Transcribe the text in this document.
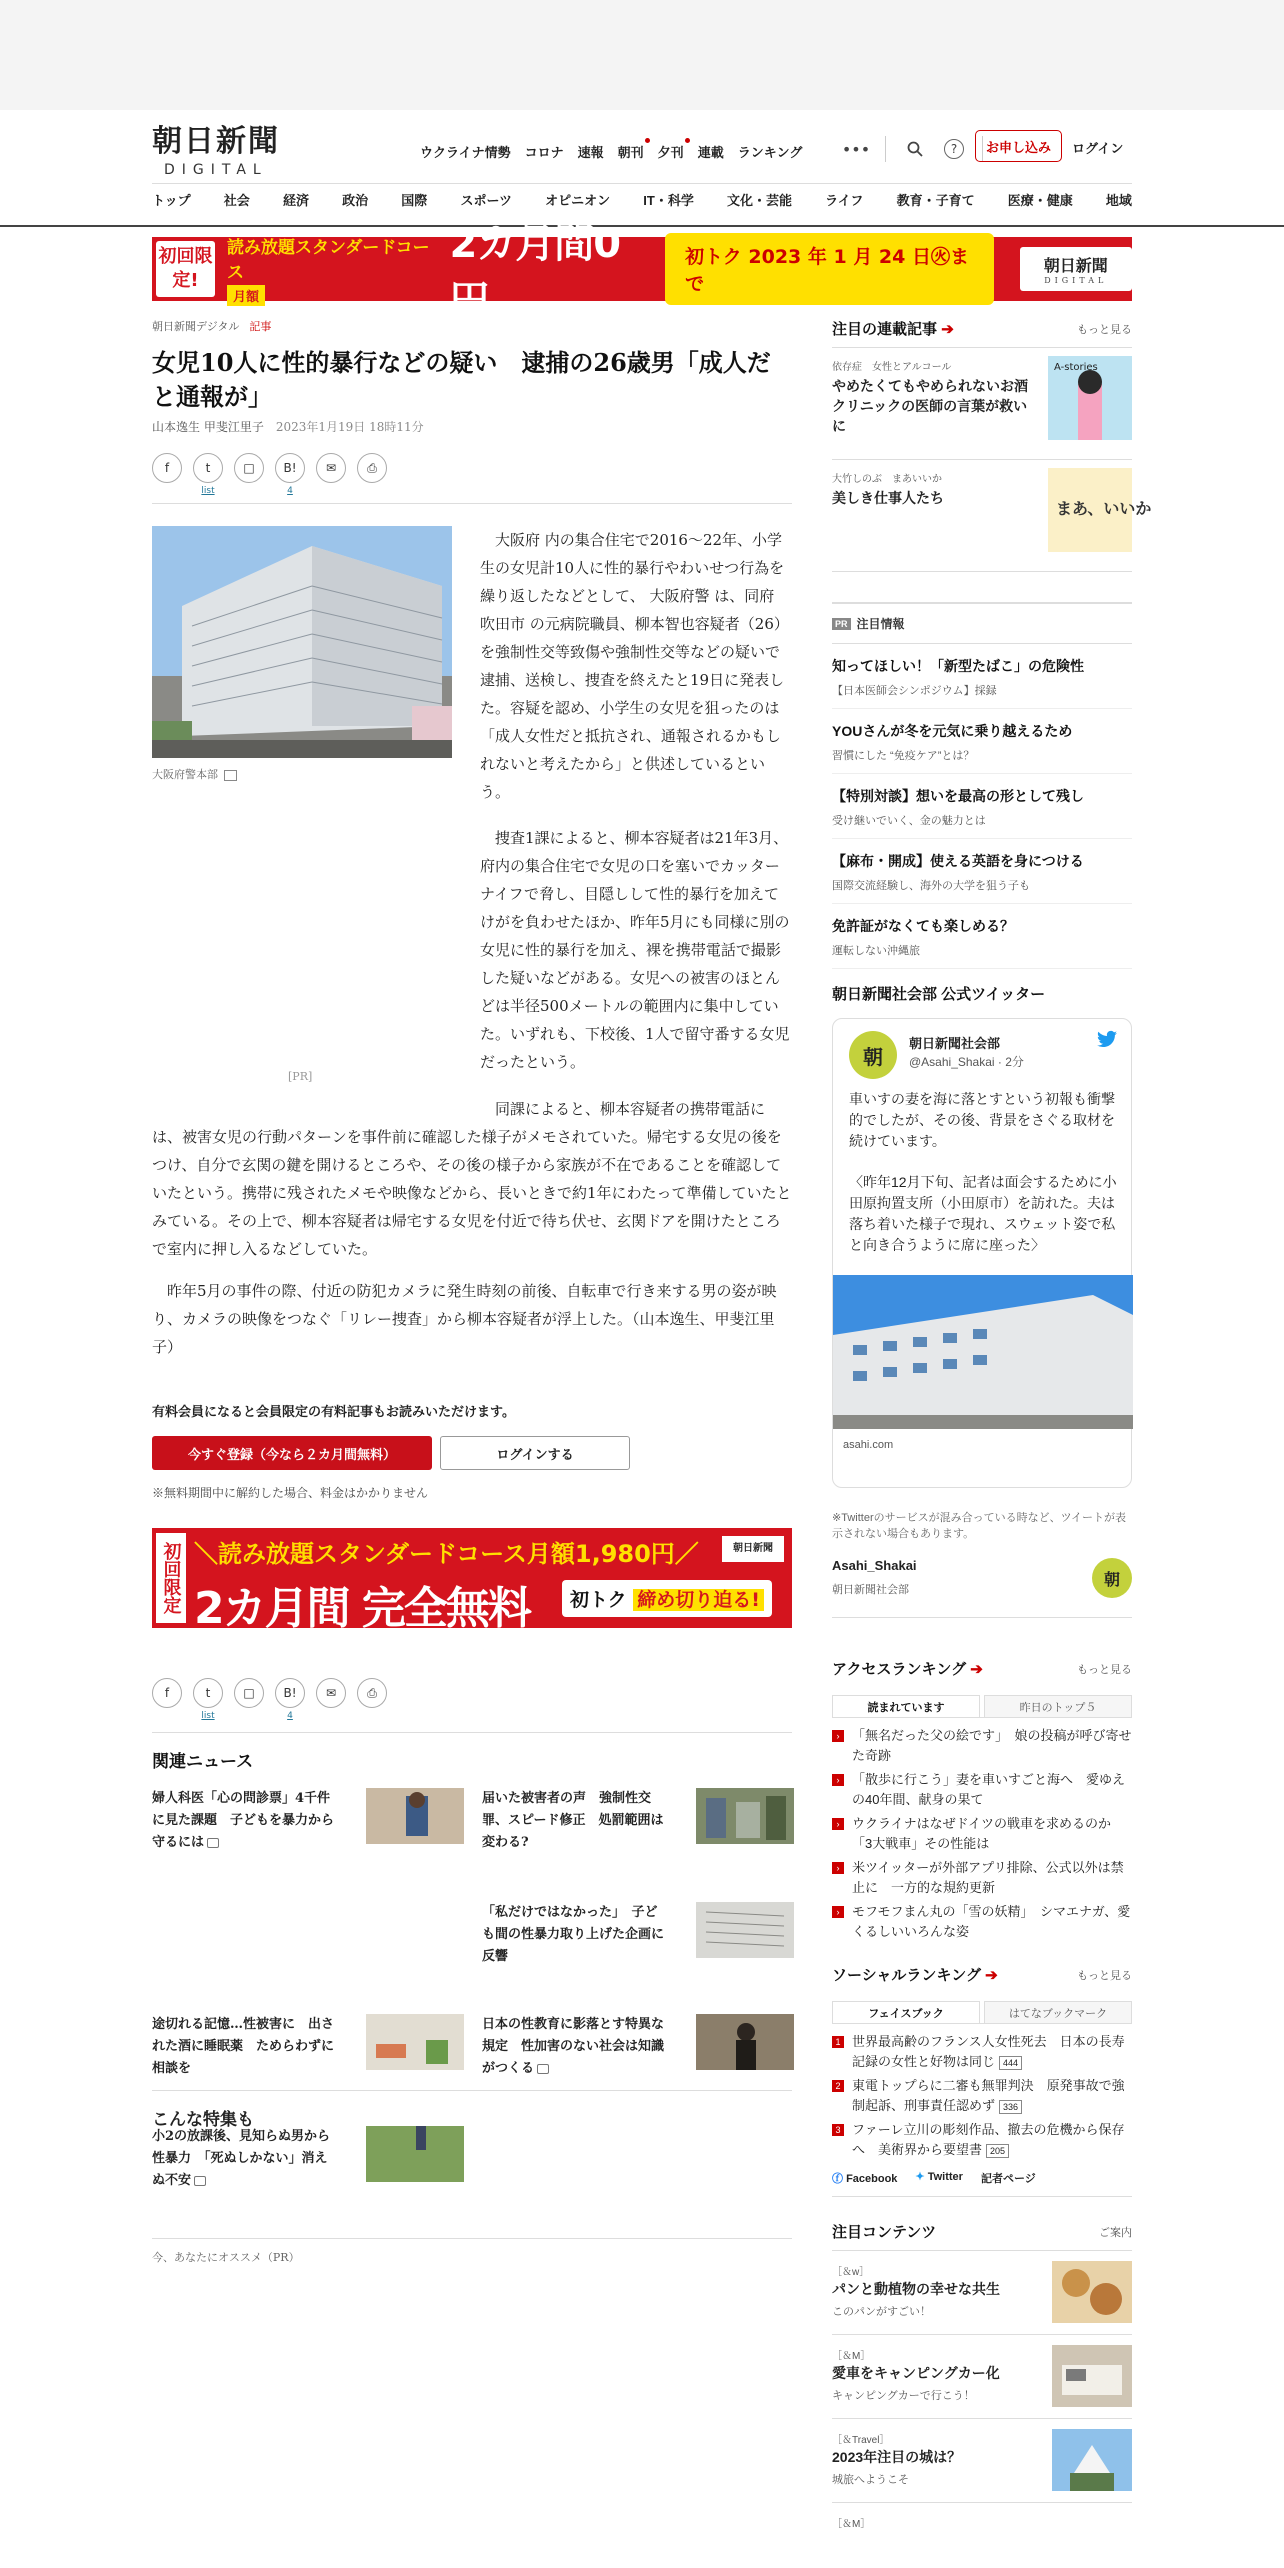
朝日新聞
DIGITAL
ウクライナ情勢 コロナ 速報 朝刊 夕刊 連載 ランキング •••	?	お申し込み	ログイン
トップ	社会	経済	政治	国際	スポーツ	オピニオン	IT・科学	文化・芸能	ライフ	教育・子育て	医療・健康	地域
初回限定!
読み放題スタンダードコース
月額
1,980円
2カ月間0円
初トク 2023 年 1 月 24 日㊋まで
朝日新聞
DIGITAL
朝日新聞デジタル 記事
女児10人に性的暴行などの疑い　逮捕の26歳男「成人だと通報が」
山本逸生 甲斐江里子 2023年1月19日 18時11分
f	t
list
□ B!
4
✉	⎙
大阪府警本部
[PR]

大阪府 内の集合住宅で2016～22年、小学生の女児計10人に性的暴行やわいせつ行為を繰り返したなどとして、 大阪府警 は、同府 吹田市 の元病院職員、柳本智也容疑者（26）を強制性交等致傷や強制性交等などの疑いで逮捕、送検し、捜査を終えたと19日に発表した。容疑を認め、小学生の女児を狙ったのは「成人女性だと抵抗され、通報されるかもしれないと考えたから」と供述しているという。

捜査1課によると、柳本容疑者は21年3月、府内の集合住宅で女児の口を塞いでカッターナイフで脅し、目隠しして性的暴行を加えてけがを負わせたほか、昨年5月にも同様に別の女児に性的暴行を加え、裸を携帯電話で撮影した疑いなどがある。女児への被害のほとんどは半径500メートルの範囲内に集中していた。いずれも、下校後、1人で留守番する女児だったという。

同課によると、柳本容疑者の携帯電話には、被害女児の行動パターンを事件前に確認した様子がメモされていた。帰宅する女児の後をつけ、自分で玄関の鍵を開けるところや、その後の様子から家族が不在であることを確認していたという。携帯に残されたメモや映像などから、長いときで約1年にわたって準備していたとみている。その上で、柳本容疑者は帰宅する女児を付近で待ち伏せ、玄関ドアを開けたところで室内に押し入るなどしていた。

昨年5月の事件の際、付近の防犯カメラに発生時刻の前後、自転車で行き来する男の姿が映り、カメラの映像をつなぐ「リレー捜査」から柳本容疑者が浮上した。（山本逸生、甲斐江里子）

有料会員になると会員限定の有料記事もお読みいただけます。
今すぐ登録（今なら２カ月間無料）	ログインする
※無料期間中に解約した場合、料金はかかりません
初回限定 ＼読み放題スタンダードコース月額1,980円／
2カ月間 完全無料	初トク 締め切り迫る!
朝日新聞
f	t
list
□ B!
4
✉	⎙
関連ニュース
婦人科医「心の問診票」4千件に見た課題　子どもを暴力から守るには
届いた被害者の声　強制性交罪、スピード修正　処罰範囲は変わる?
「私だけではなかった」　子ども間の性暴力取り上げた企画に反響
途切れる記憶…性被害に　出された酒に睡眠薬　ためらわずに相談を
日本の性教育に影落とす特異な規定　性加害のない社会は知識がつくる
小2の放課後、見知らぬ男から性暴力　「死ぬしかない」消えぬ不安
こんな特集も
今、あなたにオススメ（PR）
注目の連載記事 ➔	もっと見る
依存症　女性とアルコール
やめたくてもやめられないお酒　クリニックの医師の言葉が救いに
A-stories
大竹しのぶ　まあいいか
美しき仕事人たち
まあ、いいか
PR 注目情報
知ってほしい！「新型たばこ」の危険性
【日本医師会シンポジウム】採録
YOUさんが冬を元気に乗り越えるため
習慣にした “免疫ケア”とは？
【特別対談】想いを最高の形として残し
受け継いでいく、金の魅力とは
【麻布・開成】使える英語を身につける
国際交流経験し、海外の大学を狙う子も
免許証がなくても楽しめる？
運転しない沖縄旅
朝日新聞社会部 公式ツイッター
朝
朝日新聞社会部
@Asahi_Shakai · 2分
車いすの妻を海に落とすという初報も衝撃的でしたが、その後、背景をさぐる取材を続けています。
〈昨年12月下旬、記者は面会するために小田原拘置支所（小田原市）を訪れた。夫は落ち着いた様子で現れ、スウェット姿で私と向き合うように席に座った〉
asahi.com
※Twitterのサービスが混み合っている時など、ツイートが表示されない場合もあります。
Asahi_Shakai
朝日新聞社会部
朝
アクセスランキング ➔	もっと見る
読まれています	昨日のトップ５
› 「無名だった父の絵です」　娘の投稿が呼び寄せた奇跡
› 「散歩に行こう」妻を車いすごと海へ　愛ゆえの40年間、献身の果て
› ウクライナはなぜドイツの戦車を求めるのか　「3大戦車」その性能は
› 米ツイッターが外部アプリ排除、公式以外は禁止に　一方的な規約更新
› モフモフまん丸の「雪の妖精」　シマエナガ、愛くるしいいろんな姿
ソーシャルランキング ➔	もっと見る
フェイスブック	はてなブックマーク
1 世界最高齢のフランス人女性死去　日本の長寿記録の女性と好物は同じ 444
2 東電トップらに二審も無罪判決　原発事故で強制起訴、刑事責任認めず 336
3 ファーレ立川の彫刻作品、撤去の危機から保存へ　美術界から要望書 205
ⓕ Facebook ✦ Twitter 記者ページ
注目コンテンツ	ご案内
［＆w］
パンと動植物の幸せな共生
このパンがすごい！
［＆M］
愛車をキャンピングカー化
キャンピングカーで行こう！
［＆Travel］
2023年注目の城は？
城旅へようこそ
［＆M］
